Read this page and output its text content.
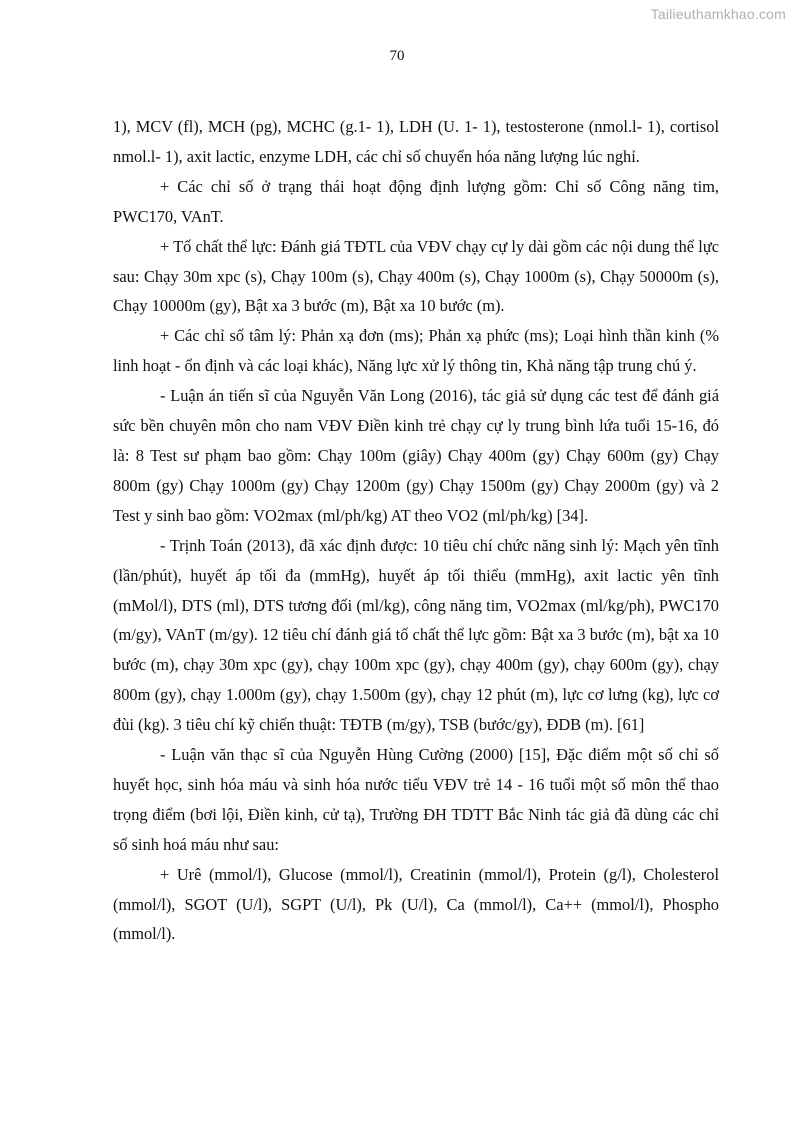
Tailieuthamkhao.com
70

1), MCV (fl), MCH (pg), MCHC (g.1- 1), LDH (U. 1- 1), testosterone (nmol.l- 1), cortisol nmol.l- 1), axit lactic, enzyme LDH, các chỉ số chuyển hóa năng lượng lúc nghỉ.

+ Các chỉ số ở trạng thái hoạt động định lượng gồm: Chỉ số Công năng tim, PWC170, VAnT.

+ Tố chất thể lực: Đánh giá TĐTL của VĐV chạy cự ly dài gồm các nội dung thể lực sau: Chạy 30m xpc (s), Chạy 100m (s), Chạy 400m (s), Chạy 1000m (s), Chạy 50000m (s), Chạy 10000m (gy), Bật xa 3 bước (m), Bật xa 10 bước (m).

+ Các chỉ số tâm lý: Phản xạ đơn (ms); Phản xạ phức (ms); Loại hình thần kinh (% linh hoạt - ổn định và các loại khác), Năng lực xử lý thông tin, Khả năng tập trung chú ý.

- Luận án tiến sĩ của Nguyễn Văn Long (2016), tác giả sử dụng các test để đánh giá sức bền chuyên môn cho nam VĐV Điền kinh trẻ chạy cự ly trung bình lứa tuổi 15-16, đó là: 8 Test sư phạm bao gồm: Chạy 100m (giây) Chạy 400m (gy) Chạy 600m (gy) Chạy 800m (gy) Chạy 1000m (gy) Chạy 1200m (gy) Chạy 1500m (gy) Chạy 2000m (gy) và 2 Test y sinh bao gồm: VO2max (ml/ph/kg) AT theo VO2 (ml/ph/kg) [34].

- Trịnh Toán (2013), đã xác định được: 10 tiêu chí chức năng sinh lý: Mạch yên tĩnh (lần/phút), huyết áp tối đa (mmHg), huyết áp tối thiểu (mmHg), axit lactic yên tĩnh (mMol/l), DTS (ml), DTS tương đối (ml/kg), công năng tim, VO2max (ml/kg/ph), PWC170 (m/gy), VAnT (m/gy). 12 tiêu chí đánh giá tố chất thể lực gồm: Bật xa 3 bước (m), bật xa 10 bước (m), chạy 30m xpc (gy), chạy 100m xpc (gy), chạy 400m (gy), chạy 600m (gy), chạy 800m (gy), chạy 1.000m (gy), chạy 1.500m (gy), chạy 12 phút (m), lực cơ lưng (kg), lực cơ đùi (kg). 3 tiêu chí kỹ chiến thuật: TĐTB (m/gy), TSB (bước/gy), ĐDB (m). [61]

- Luận văn thạc sĩ của Nguyễn Hùng Cường (2000) [15], Đặc điểm một số chỉ số huyết học, sinh hóa máu và sinh hóa nước tiểu VĐV trẻ 14 - 16 tuổi một số môn thể thao trọng điểm (bơi lội, Điền kinh, cử tạ), Trường ĐH TDTT Bắc Ninh tác giả đã dùng các chỉ số sinh hoá máu như sau:

+ Urê (mmol/l), Glucose (mmol/l), Creatinin (mmol/l), Protein (g/l), Cholesterol (mmol/l), SGOT (U/l), SGPT (U/l), Pk (U/l), Ca (mmol/l), Ca++ (mmol/l), Phospho (mmol/l).
